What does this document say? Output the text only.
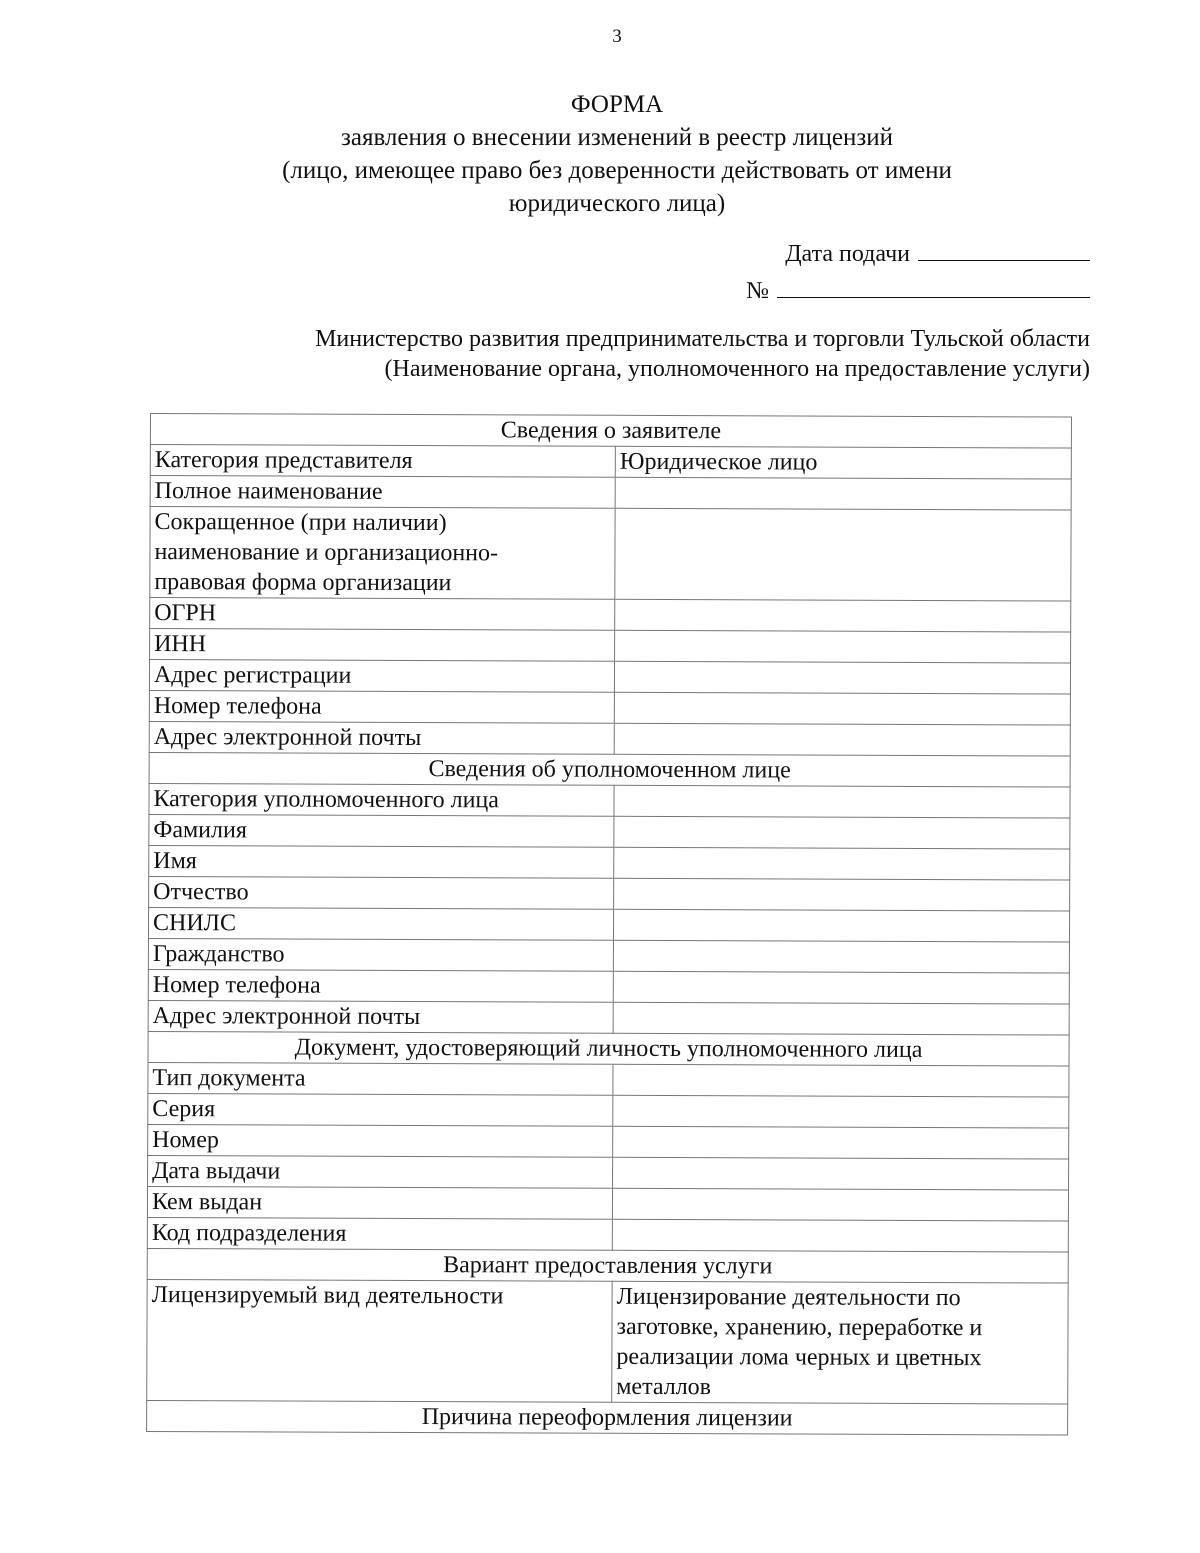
3
ФОРМА
заявления о внесении изменений в реестр лицензий
(лицо, имеющее право без доверенности действовать от имени
юридического лица)
Дата подачи
№
Министерство развития предпринимательства и торговли Тульской области
(Наименование органа, уполномоченного на предоставление услуги)
Сведения о заявителе	
Категория представителя	Юридическое лицо
Полное наименование	

Сокращенное (при наличии)
наименование и организационно-
правовая форма организации	

ОГРН	
ИНН	
Адрес регистрации	
Номер телефона	
Адрес электронной почты	
Сведения об уполномоченном лице	
Категория уполномоченного лица	
Фамилия	
Имя	
Отчество	
СНИЛС	
Гражданство	
Номер телефона	
Адрес электронной почты	
Документ, удостоверяющий личность уполномоченного лица	
Тип документа	
Серия	
Номер	
Дата выдачи	
Кем выдан	
Код подразделения	
Вариант предоставления услуги	
Лицензируемый вид деятельности	Лицензирование деятельности по
заготовке, хранению, переработке и
реализации лома черных и цветных
металлов

Причина переоформления лицензии	
